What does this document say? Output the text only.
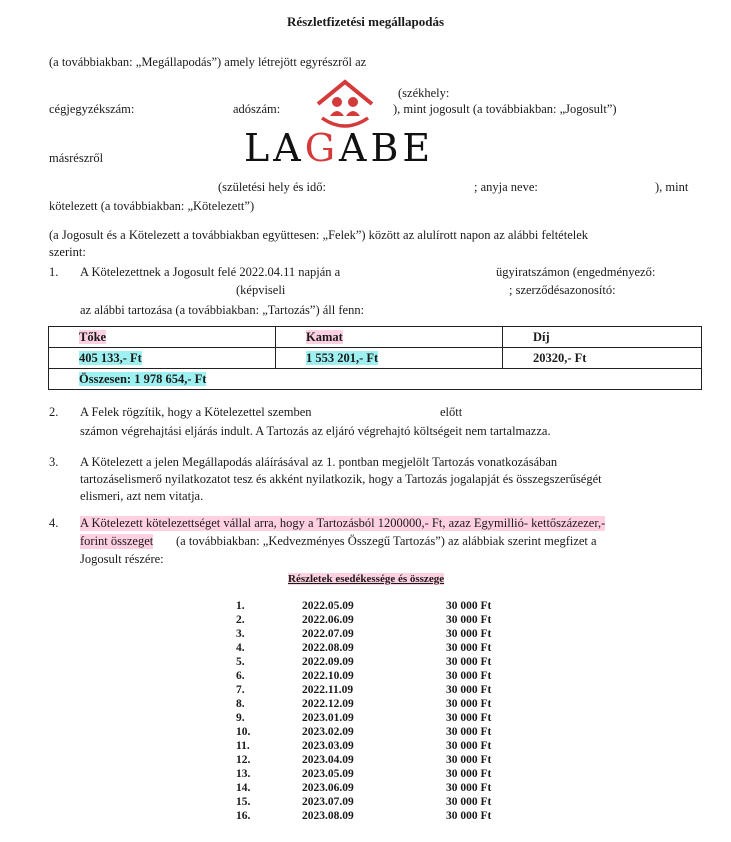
Részletfizetési megállapodás
(a továbbiakban: „Megállapodás”) amely létrejött egyrészről az
(székhely:
cégjegyzékszám:	adószám:	), mint jogosult (a továbbiakban: „Jogosult”)
LAGABE
másrészről
(születési hely és idő:	; anyja neve:	), mint
kötelezett (a továbbiakban: „Kötelezett”)
(a Jogosult és a Kötelezett a továbbiakban együttesen: „Felek”) között az alulírott napon az alábbi feltételek
szerint:
1. A Kötelezettnek a Jogosult felé 2022.04.11 napján a	ügyiratszámon (engedményező:
(képviseli	; szerződésazonosító:
az alábbi tartozása (a továbbiakban: „Tartozás”) áll fenn:
Tőke	Kamat	Díj
405 133,- Ft	1 553 201,- Ft	20320,- Ft
Összesen: 1 978 654,- Ft		
2. A Felek rögzítik, hogy a Kötelezettel szemben	előtt
számon végrehajtási eljárás indult. A Tartozás az eljáró végrehajtó költségeit nem tartalmazza.
3. A Kötelezett a jelen Megállapodás aláírásával az 1. pontban megjelölt Tartozás vonatkozásában
tartozáselismerő nyilatkozatot tesz és akként nyilatkozik, hogy a Tartozás jogalapját és összegszerűségét
elismeri, azt nem vitatja.
4. A Kötelezett kötelezettséget vállal arra, hogy a Tartozásból 1200000,- Ft, azaz Egymillió- kettőszázezer,-
forint összeget (a továbbiakban: „Kedvezményes Összegű Tartozás”) az alábbiak szerint megfizet a
Jogosult részére:
Részletek esedékessége és összege
1.	2022.05.09	30 000 Ft
2.	2022.06.09	30 000 Ft
3.	2022.07.09	30 000 Ft
4.	2022.08.09	30 000 Ft
5.	2022.09.09	30 000 Ft
6.	2022.10.09	30 000 Ft
7.	2022.11.09	30 000 Ft
8.	2022.12.09	30 000 Ft
9.	2023.01.09	30 000 Ft
10.	2023.02.09	30 000 Ft
11.	2023.03.09	30 000 Ft
12.	2023.04.09	30 000 Ft
13.	2023.05.09	30 000 Ft
14.	2023.06.09	30 000 Ft
15.	2023.07.09	30 000 Ft
16.	2023.08.09	30 000 Ft
